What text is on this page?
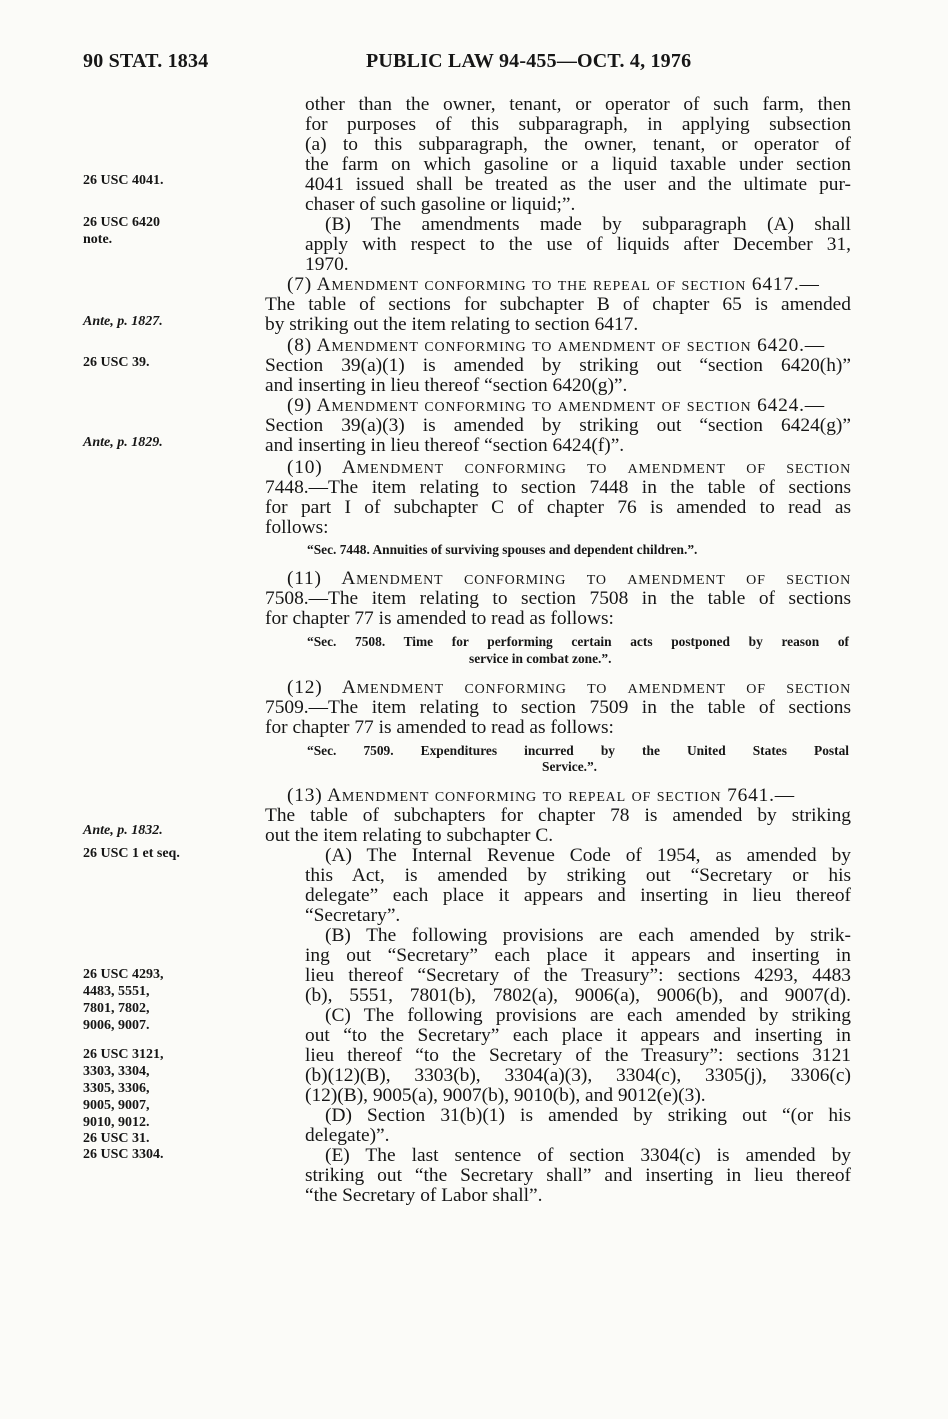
90 STAT. 1834	PUBLIC LAW 94-455—OCT. 4, 1976
26 USC 4041.
26 USC 6420
note.
Ante, p. 1827.
26 USC 39.
Ante, p. 1829.
Ante, p. 1832.
26 USC 1 et seq.
26 USC 4293,
4483, 5551,
7801, 7802,
9006, 9007.
26 USC 3121,
3303, 3304,
3305, 3306,
9005, 9007,
9010, 9012.
26 USC 31.
26 USC 3304.
other than the owner, tenant, or operator of such farm, then
for purposes of this subparagraph, in applying subsection
(a) to this subparagraph, the owner, tenant, or operator of
the farm on which gasoline or a liquid taxable under section
4041 issued shall be treated as the user and the ultimate pur-
chaser of such gasoline or liquid;”.
(B) The amendments made by subparagraph (A) shall
apply with respect to the use of liquids after December 31,
1970.
(7) Amendment conforming to the repeal of section 6417.—
The table of sections for subchapter B of chapter 65 is amended
by striking out the item relating to section 6417.
(8) Amendment conforming to amendment of section 6420.—
Section 39(a)(1) is amended by striking out “section 6420(h)”
and inserting in lieu thereof “section 6420(g)”.
(9) Amendment conforming to amendment of section 6424.—
Section 39(a)(3) is amended by striking out “section 6424(g)”
and inserting in lieu thereof “section 6424(f)”.
(10) Amendment conforming to amendment of section
7448.—The item relating to section 7448 in the table of sections
for part I of subchapter C of chapter 76 is amended to read as
follows:
“Sec. 7448. Annuities of surviving spouses and dependent children.”.
(11) Amendment conforming to amendment of section
7508.—The item relating to section 7508 in the table of sections
for chapter 77 is amended to read as follows:
“Sec. 7508. Time for performing certain acts postponed by reason of
service in combat zone.”.
(12) Amendment conforming to amendment of section
7509.—The item relating to section 7509 in the table of sections
for chapter 77 is amended to read as follows:
“Sec. 7509. Expenditures incurred by the United States Postal
Service.”.
(13) Amendment conforming to repeal of section 7641.—
The table of subchapters for chapter 78 is amended by striking
out the item relating to subchapter C.
(A) The Internal Revenue Code of 1954, as amended by
this Act, is amended by striking out “Secretary or his
delegate” each place it appears and inserting in lieu thereof
“Secretary”.
(B) The following provisions are each amended by strik-
ing out “Secretary” each place it appears and inserting in
lieu thereof “Secretary of the Treasury”: sections 4293, 4483
(b), 5551, 7801(b), 7802(a), 9006(a), 9006(b), and 9007(d).
(C) The following provisions are each amended by striking
out “to the Secretary” each place it appears and inserting in
lieu thereof “to the Secretary of the Treasury”: sections 3121
(b)(12)(B), 3303(b), 3304(a)(3), 3304(c), 3305(j), 3306(c)
(12)(B), 9005(a), 9007(b), 9010(b), and 9012(e)(3).
(D) Section 31(b)(1) is amended by striking out “(or his
delegate)”.
(E) The last sentence of section 3304(c) is amended by
striking out “the Secretary shall” and inserting in lieu thereof
“the Secretary of Labor shall”.
